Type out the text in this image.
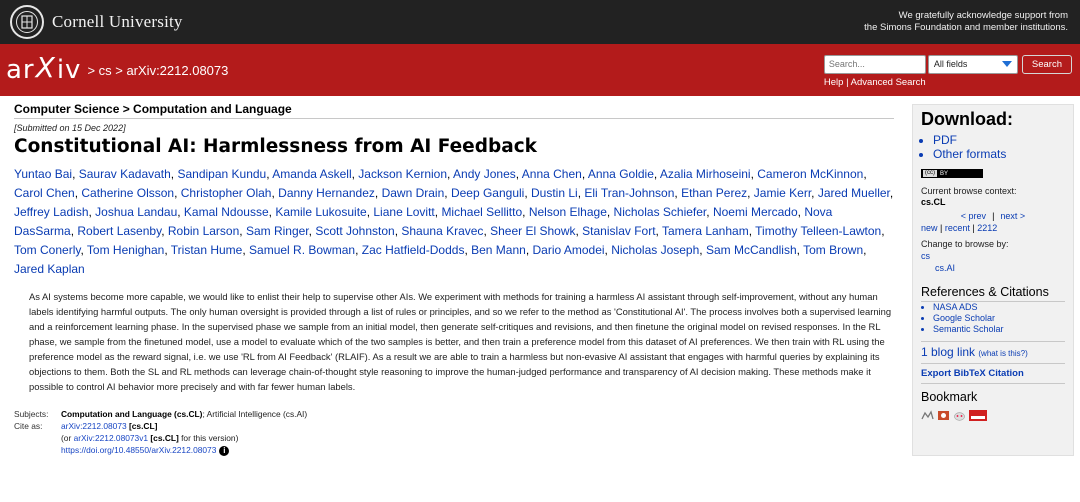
Cornell University	We gratefully acknowledge support from
the Simons Foundation and member institutions.
ar X iv > cs > arXiv:2212.08073
Search...	All fields	Search
Help | Advanced Search
Computer Science > Computation and Language
[Submitted on 15 Dec 2022]
Constitutional AI: Harmlessness from AI Feedback
Yuntao Bai, Saurav Kadavath, Sandipan Kundu, Amanda Askell, Jackson Kernion, Andy Jones, Anna Chen, Anna Goldie, Azalia Mirhoseini, Cameron McKinnon, Carol Chen, Catherine Olsson, Christopher Olah, Danny Hernandez, Dawn Drain, Deep Ganguli, Dustin Li, Eli Tran-Johnson, Ethan Perez, Jamie Kerr, Jared Mueller, Jeffrey Ladish, Joshua Landau, Kamal Ndousse, Kamile Lukosuite, Liane Lovitt, Michael Sellitto, Nelson Elhage, Nicholas Schiefer, Noemi Mercado, Nova DasSarma, Robert Lasenby, Robin Larson, Sam Ringer, Scott Johnston, Shauna Kravec, Sheer El Showk, Stanislav Fort, Tamera Lanham, Timothy Telleen-Lawton, Tom Conerly, Tom Henighan, Tristan Hume, Samuel R. Bowman, Zac Hatfield-Dodds, Ben Mann, Dario Amodei, Nicholas Joseph, Sam McCandlish, Tom Brown, Jared Kaplan
As AI systems become more capable, we would like to enlist their help to supervise other AIs. We experiment with methods for training a harmless AI assistant through self-improvement, without any human labels identifying harmful outputs. The only human oversight is provided through a list of rules or principles, and so we refer to the method as 'Constitutional AI'. The process involves both a supervised learning and a reinforcement learning phase. In the supervised phase we sample from an initial model, then generate self-critiques and revisions, and then finetune the original model on revised responses. In the RL phase, we sample from the finetuned model, use a model to evaluate which of the two samples is better, and then train a preference model from this dataset of AI preferences. We then train with RL using the preference model as the reward signal, i.e. we use 'RL from AI Feedback' (RLAIF). As a result we are able to train a harmless but non-evasive AI assistant that engages with harmful queries by explaining its objections to them. Both the SL and RL methods can leverage chain-of-thought style reasoning to improve the human-judged performance and transparency of AI decision making. These methods make it possible to control AI behavior more precisely and with far fewer human labels.
Subjects:	Computation and Language (cs.CL); Artificial Intelligence (cs.AI)
Cite as:	arXiv:2212.08073 [cs.CL]
(or arXiv:2212.08073v1 [cs.CL] for this version)
https://doi.org/10.48550/arXiv.2212.08073 i
Download:
• PDF
• Other formats
(cc) BY
Current browse context:
cs.CL
< prev | next >
new | recent | 2212
Change to browse by:
cs
cs.AI
References & Citations
• NASA ADS
• Google Scholar
• Semantic Scholar
1 blog link (what is this?)
Export BibTeX Citation
Bookmark
